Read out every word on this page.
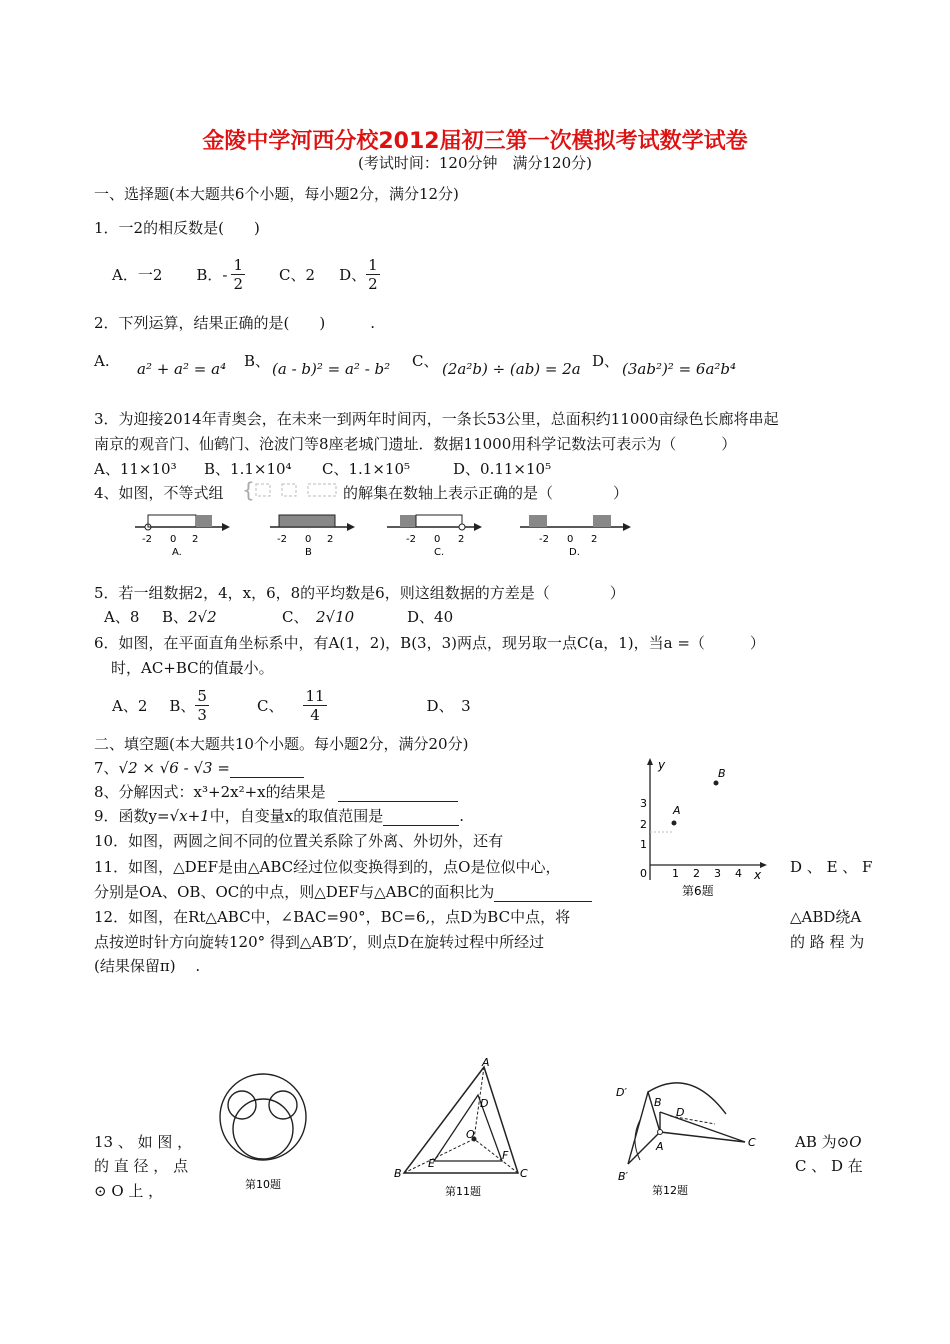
金陵中学河西分校2012届初三第一次模拟考试数学试卷
(考试时间：120分钟　满分120分)
一、选择题(本大题共6个小题，每小题2分，满分12分)
1．一2的相反数是(　　)
A．一2 B．- $\frac{1}{2}$ C、2 D、 $\frac{1}{2}$
2．下列运算，结果正确的是(　　)　　　.
A. a² + a² = a⁴ B、 (a - b)² = a² - b² C、 (2a²b) ÷ (ab) = 2a D、 (3ab²)² = 6a²b⁴
3．为迎接2014年青奥会，在未来一到两年时间丙，一条长53公里，总面积约11000亩绿色长廊将串起
南京的观音门、仙鹤门、沧波门等8座老城门遗址．数据11000用科学记数法可表示为（　　　）
A、11×10³ B、1.1×10⁴ C、1.1×10⁵	D、0.11×10⁵
4、如图，不等式组 {	的解集在数轴上表示正确的是（　　　　）
-2 0 2
A.
-2 0 2
B
-2 0 2
C.
-2 0 2
D.
5．若一组数据2，4，x，6，8的平均数是6，则这组数据的方差是（　　　　）
A、8 B、 2√2	C、 2√10	D、40
6．如图，在平面直角坐标系中，有A(1，2)，B(3，3)两点，现另取一点C(a，1)，当a =（　　　）
时，AC+BC的值最小。
A、2 B、 $\frac{5}{3}$	C、 $\frac{11}{4}$	D、　3
二、填空题(本大题共10个小题。每小题2分，满分20分)
7、√2 × √6 - √3 =
8、分解因式：x³+2x²+x的结果是
9．函数y=√x+1中，自变量x的取值范围是	.
10．如图，两圆之间不同的位置关系除了外离、外切外，还有
11．如图，△DEF是由△ABC经过位似变换得到的，点O是位似中心，	D 、 E 、 F
分别是OA、OB、OC的中点，则△DEF与△ABC的面积比为
12．如图，在Rt△ABC中，∠BAC=90°，BC=6,，点D为BC中点，将	△ABD绕A
点按逆时针方向旋转120° 得到△AB′D′，则点D在旋转过程中所经过	的 路 程 为
(结果保留π)　 .
13 、 如 图 ，	AB 为⊙O
的 直 径 ， 点	C 、 D 在
⊙ O 上 ，
y
x
0 1 2 3 4
1
2
3
A
B
第6题
第10题
A
B	C
D
E
F
O
第11题
D′
B
D
A
B′
C
第12题
